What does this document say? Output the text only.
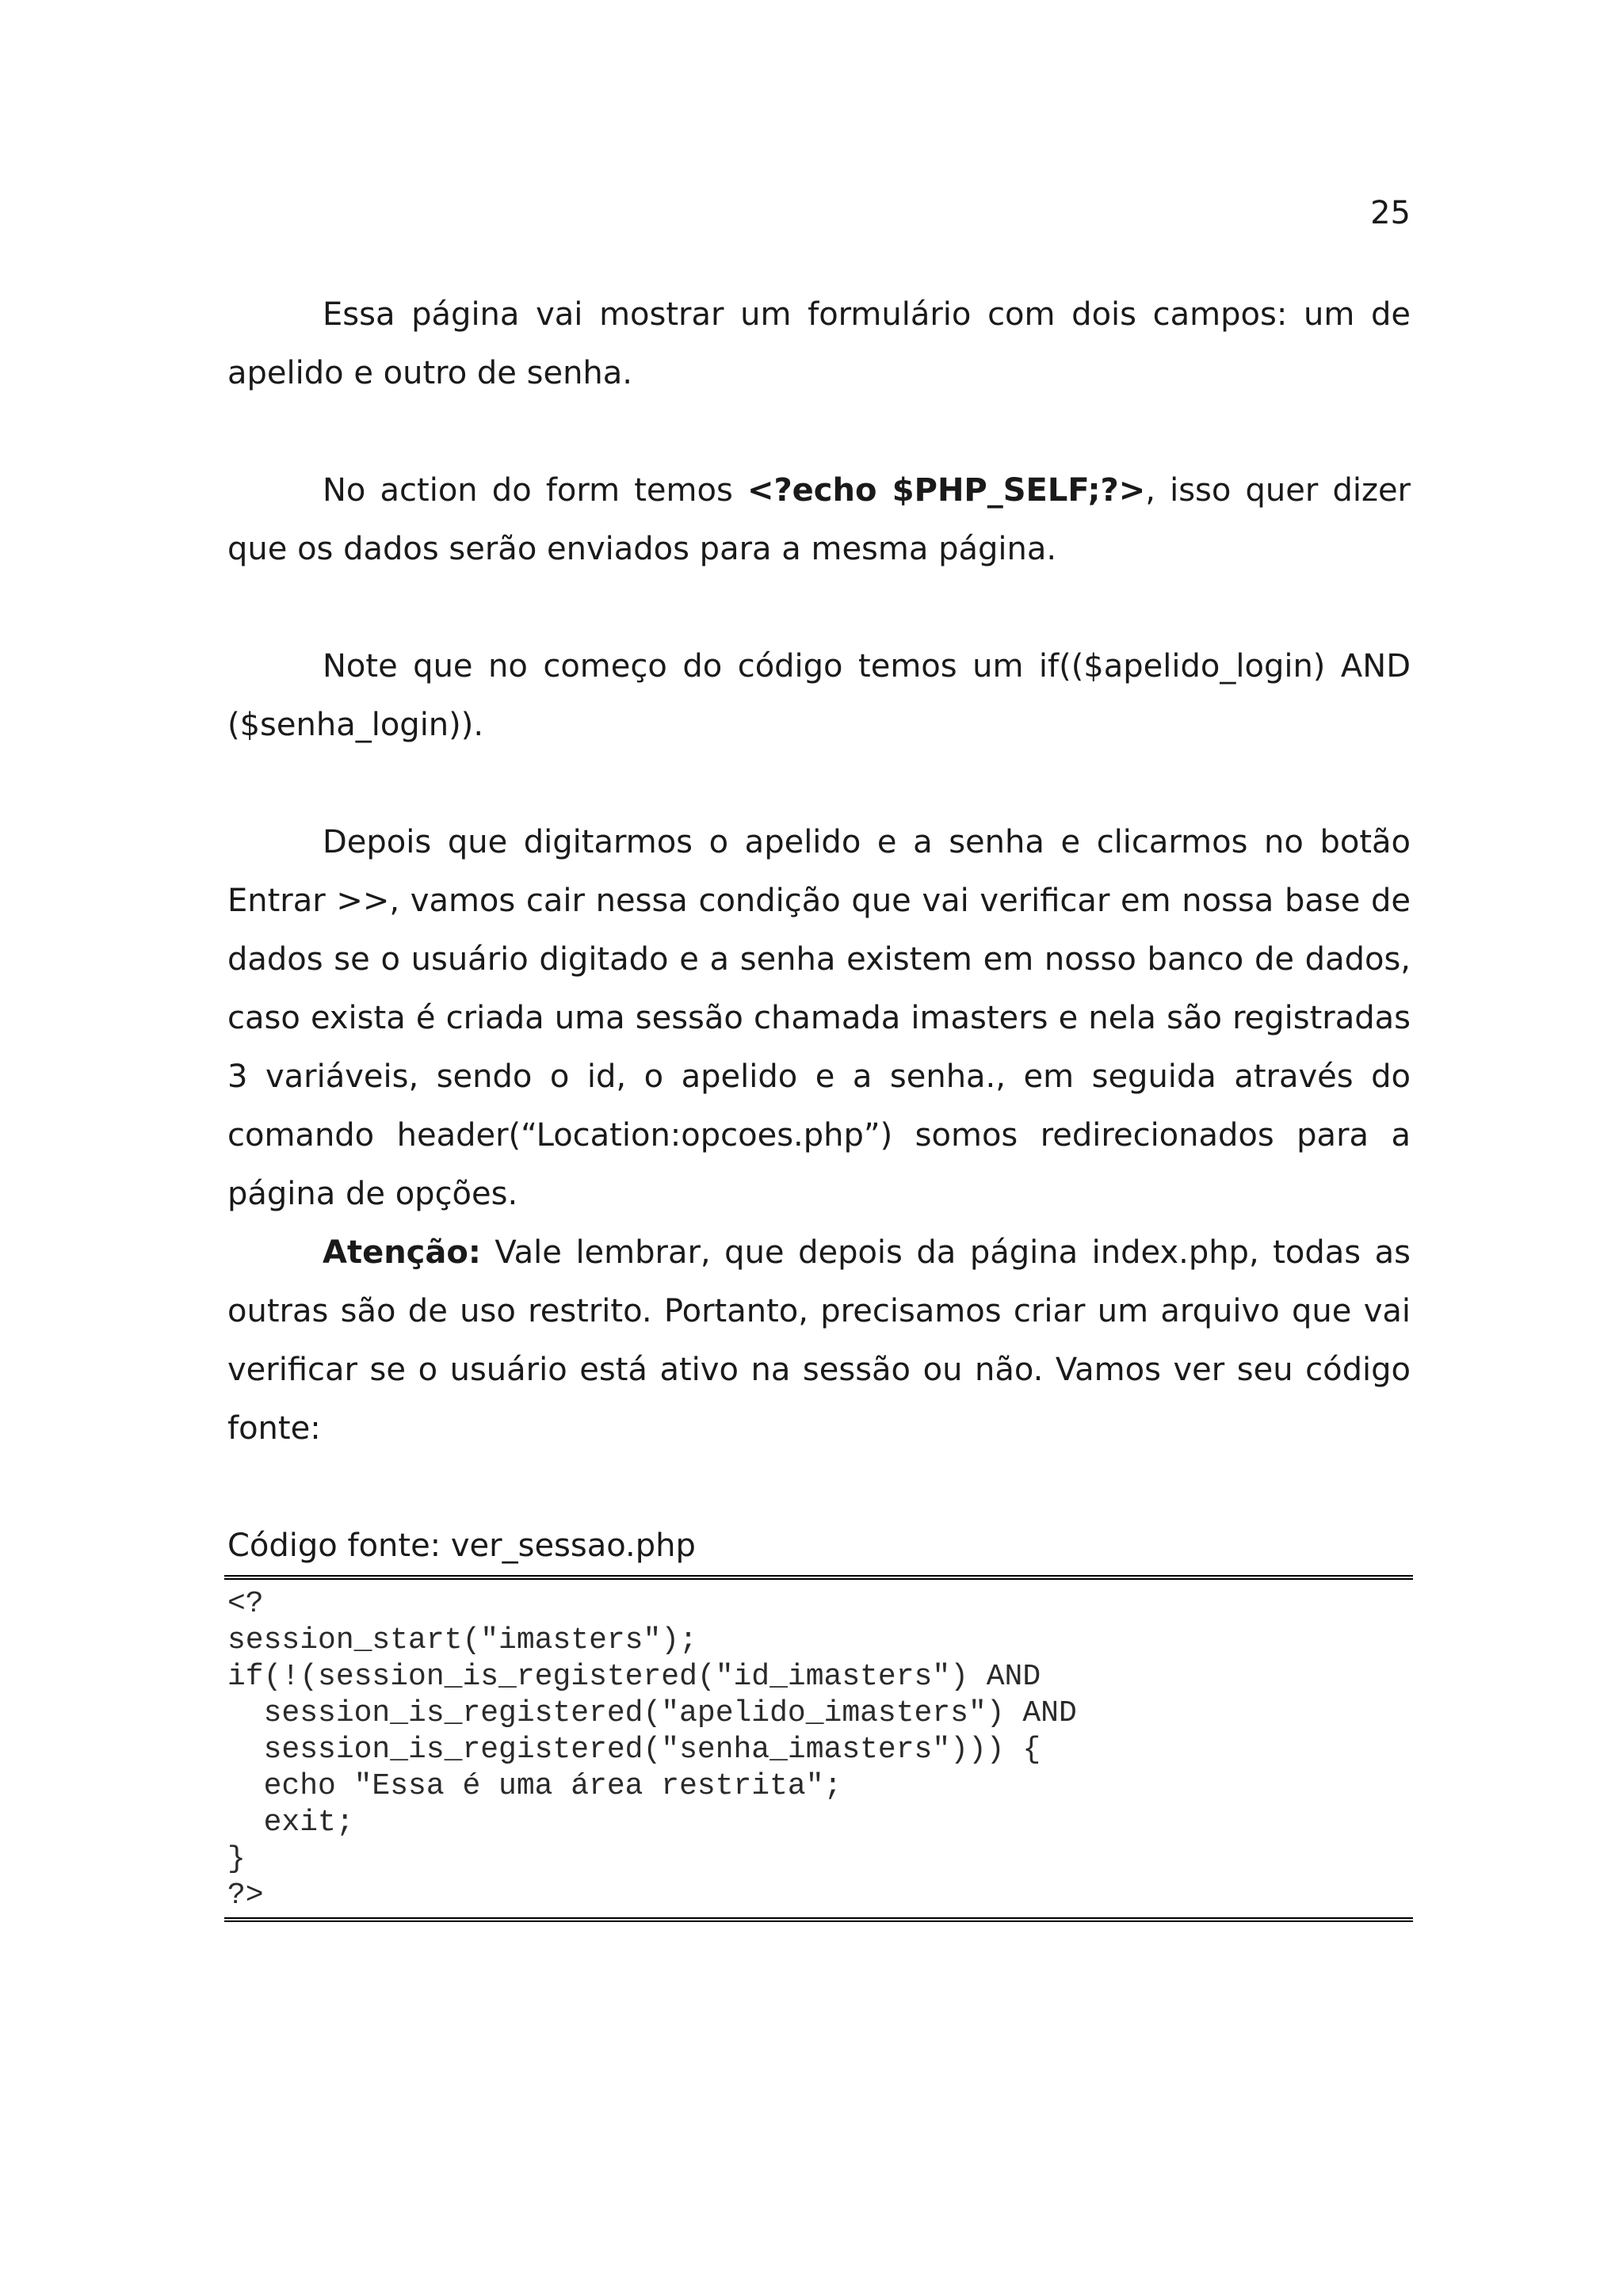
25

Essa página vai mostrar um formulário com dois campos: um de apelido e outro de senha.

No action do form temos <?echo $PHP_SELF;?>, isso quer dizer que os dados serão enviados para a mesma página.

Note que no começo do código temos um if(($apelido_login) AND ($senha_login)).

Depois que digitarmos o apelido e a senha e clicarmos no botão Entrar >>, vamos cair nessa condição que vai verificar em nossa base de dados se o usuário digitado e a senha existem em nosso banco de dados, caso exista é criada uma sessão chamada imasters e nela são registradas 3 variáveis, sendo o id, o apelido e a senha., em seguida através do comando header(“Location:opcoes.php”) somos redirecionados para a página de opções.

Atenção: Vale lembrar, que depois da página index.php, todas as outras são de uso restrito. Portanto, precisamos criar um arquivo que vai verificar se o usuário está ativo na sessão ou não. Vamos ver seu código fonte:

Código fonte: ver_sessao.php

<?
session_start("imasters");
if(!(session_is_registered("id_imasters") AND
session_is_registered("apelido_imasters") AND
session_is_registered("senha_imasters"))) {
echo "Essa é uma área restrita";
exit;
}
?>
